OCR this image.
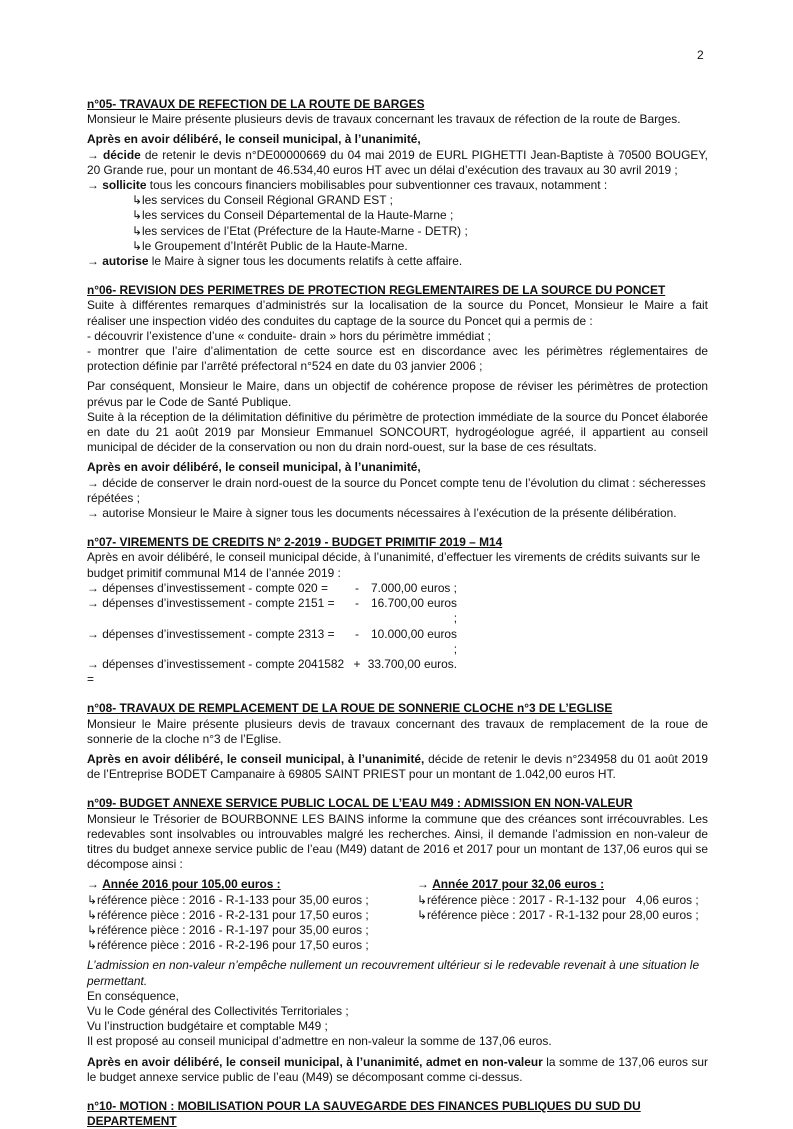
2

n°05- TRAVAUX DE REFECTION DE LA ROUTE DE BARGES

Monsieur le Maire présente plusieurs devis de travaux concernant les travaux de réfection de la route de Barges.

Après en avoir délibéré, le conseil municipal, à l’unanimité,

→ décide de retenir le devis n°DE00000669 du 04 mai 2019 de EURL PIGHETTI Jean-Baptiste à 70500 BOUGEY, 20 Grande rue, pour un montant de 46.534,40 euros HT avec un délai d’exécution des travaux au 30 avril 2019 ;

→ sollicite tous les concours financiers mobilisables pour subventionner ces travaux, notamment :

↳les services du Conseil Régional GRAND EST ;

↳les services du Conseil Départemental de la Haute-Marne ;

↳les services de l’Etat (Préfecture de la Haute-Marne - DETR) ;

↳le Groupement d’Intérêt Public de la Haute-Marne.

→ autorise le Maire à signer tous les documents relatifs à cette affaire.

n°06- REVISION DES PERIMETRES DE PROTECTION REGLEMENTAIRES DE LA SOURCE DU PONCET

Suite à différentes remarques d’administrés sur la localisation de la source du Poncet, Monsieur le Maire a fait réaliser une inspection vidéo des conduites du captage de la source du Poncet qui a permis de :

- découvrir l’existence d’une « conduite- drain » hors du périmètre immédiat ;

- montrer que l’aire d’alimentation de cette source est en discordance avec les périmètres réglementaires de protection définie par l’arrêté préfectoral n°524 en date du 03 janvier 2006 ;

Par conséquent, Monsieur le Maire, dans un objectif de cohérence propose de réviser les périmètres de protection prévus par le Code de Santé Publique.

Suite à la réception de la délimitation définitive du périmètre de protection immédiate de la source du Poncet élaborée en date du 21 août 2019 par Monsieur Emmanuel SONCOURT, hydrogéologue agréé, il appartient au conseil municipal de décider de la conservation ou non du drain nord-ouest, sur la base de ces résultats.

Après en avoir délibéré, le conseil municipal, à l’unanimité,

→ décide de conserver le drain nord-ouest de la source du Poncet compte tenu de l’évolution du climat : sécheresses répétées ;

→ autorise Monsieur le Maire à signer tous les documents nécessaires à l’exécution de la présente délibération.

n°07- VIREMENTS DE CREDITS N° 2-2019 - BUDGET PRIMITIF 2019 – M14

Après en avoir délibéré, le conseil municipal décide, à l’unanimité, d’effectuer les virements de crédits suivants sur le budget primitif communal M14 de l’année 2019 :

→ dépenses d’investissement - compte 020 =	-	7.000,00 euros ;
→ dépenses d’investissement - compte 2151 =	-	16.700,00 euros ;
→ dépenses d’investissement - compte 2313 =	-	10.000,00 euros ;
→ dépenses d’investissement - compte 2041582 =
+ 33.700,00 euros.

n°08- TRAVAUX DE REMPLACEMENT DE LA ROUE DE SONNERIE CLOCHE n°3 DE L’EGLISE

Monsieur le Maire présente plusieurs devis de travaux concernant des travaux de remplacement de la roue de sonnerie de la cloche n°3 de l’Eglise.

Après en avoir délibéré, le conseil municipal, à l’unanimité, décide de retenir le devis n°234958 du 01 août 2019 de l’Entreprise BODET Campanaire à 69805 SAINT PRIEST pour un montant de 1.042,00 euros HT.

n°09- BUDGET ANNEXE SERVICE PUBLIC LOCAL DE L’EAU M49 : ADMISSION EN NON-VALEUR

Monsieur le Trésorier de BOURBONNE LES BAINS informe la commune que des créances sont irrécouvrables. Les redevables sont insolvables ou introuvables malgré les recherches. Ainsi, il demande l’admission en non-valeur de titres du budget annexe service public de l’eau (M49) datant de 2016 et 2017 pour un montant de 137,06 euros qui se décompose ainsi :

→ Année 2016 pour 105,00 euros :

↳référence pièce : 2016 - R-1-133 pour 35,00 euros ;

↳référence pièce : 2016 - R-2-131 pour 17,50 euros ;

↳référence pièce : 2016 - R-1-197 pour 35,00 euros ;

↳référence pièce : 2016 - R-2-196 pour 17,50 euros ;

→ Année 2017 pour 32,06 euros :

↳référence pièce : 2017 - R-1-132 pour   4,06 euros ;

↳référence pièce : 2017 - R-1-132 pour 28,00 euros ;

L’admission en non-valeur n’empêche nullement un recouvrement ultérieur si le redevable revenait à une situation le permettant.

En conséquence,

Vu le Code général des Collectivités Territoriales ;

Vu l’instruction budgétaire et comptable M49 ;

Il est proposé au conseil municipal d’admettre en non-valeur la somme de 137,06 euros.

Après en avoir délibéré, le conseil municipal, à l’unanimité, admet en non-valeur la somme de 137,06 euros sur le budget annexe service public de l’eau (M49) se décomposant comme ci-dessus.

n°10- MOTION : MOBILISATION POUR LA SAUVEGARDE DES FINANCES PUBLIQUES DU SUD DU DEPARTEMENT
